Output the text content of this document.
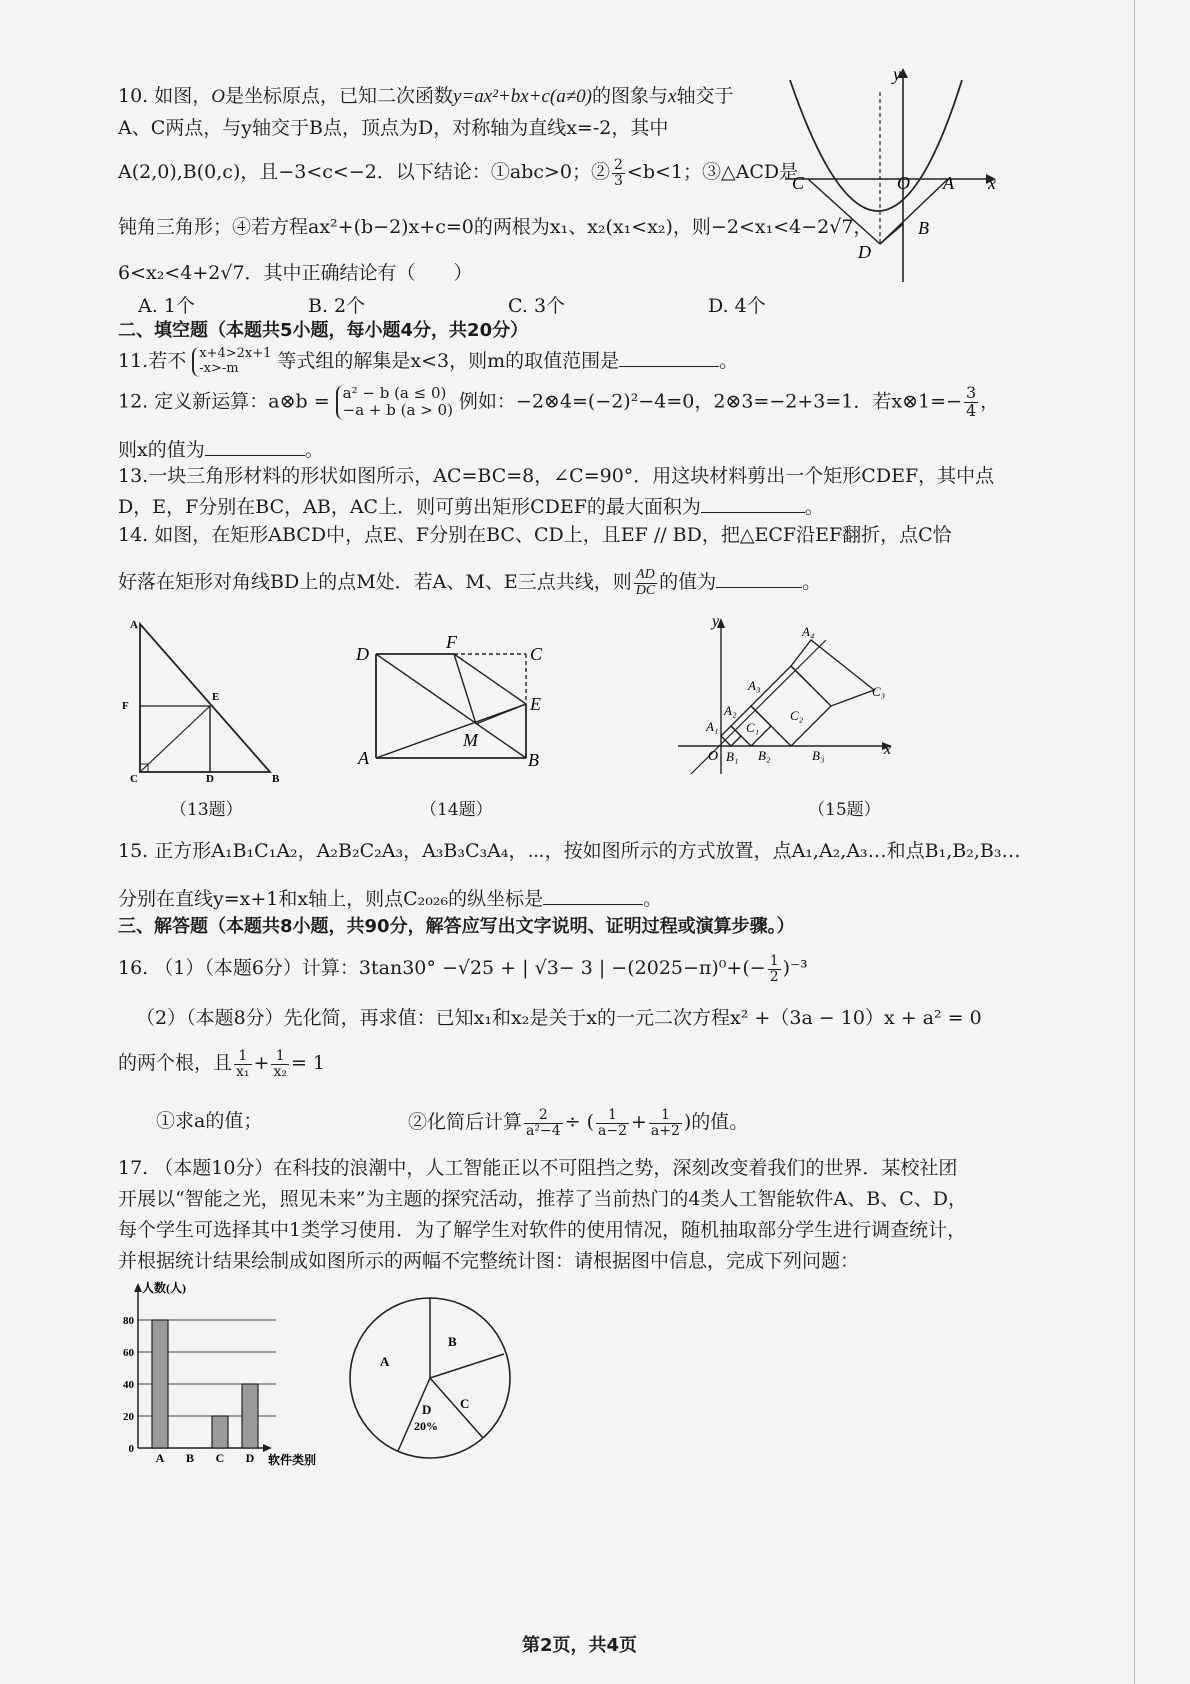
10. 如图，O是坐标原点，已知二次函数y=ax²+bx+c(a≠0)的图象与x轴交于
A、C两点，与y轴交于B点，顶点为D，对称轴为直线x=-2，其中
A(2,0),B(0,c)，且−3<c<−2．以下结论：①abc>0；② $\frac{2}{3} <b<1$；③△ACD是
钝角三角形；④若方程ax²+(b−2)x+c=0的两根为x₁、x₂(x₁<x₂)，则−2<x₁<4−2√7，
6<x₂<4+2√7．其中正确结论有（　　）
A. 1个	B. 2个	C. 3个	D. 4个
y
x
C	O A
B
D
二、填空题（本题共5小题，每小题4分，共20分）
11.若不 x+4>2x+1
-x>-m	等式组的解集是x<3，则m的取值范围是	。
12. 定义新运算：a⊗b = a² − b (a ≤ 0)
−a + b (a > 0) 例如：−2⊗4=(−2)²−4=0，2⊗3=−2+3=1．若x⊗1=− $\frac{3}{4}$ ，
则x的值为	。
13.一块三角形材料的形状如图所示，AC=BC=8，∠C=90°．用这块材料剪出一个矩形CDEF，其中点
D，E，F分别在BC，AB，AC上．则可剪出矩形CDEF的最大面积为	。
14. 如图，在矩形ABCD中，点E、F分别在BC、CD上，且EF // BD，把△ECF沿EF翻折，点C恰
好落在矩形对角线BD上的点M处．若A、M、E三点共线，则 $\frac{AD}{DC}$ 的值为	。
A
F
E
C	D	B
（13题）
D
F
C
E
M
A	B
（14题）
y
x
O
A₁
A₂
A₃
A₄
B₁ B₂	B₃
C₁
C₂
C₃
（15题）
15. 正方形A₁B₁C₁A₂，A₂B₂C₂A₃，A₃B₃C₃A₄，⋯，按如图所示的方式放置，点A₁,A₂,A₃…和点B₁,B₂,B₃…
分别在直线y=x+1和x轴上，则点C₂₀₂₆的纵坐标是	。
三、解答题（本题共8小题，共90分，解答应写出文字说明、证明过程或演算步骤。）
16. （1）（本题6分）计算：3tan30° −√25 + | √3− 3 | $-(2025-\pi)^0+(- \frac{1}{2} )^{-3}$
（2）（本题8分）先化简，再求值：已知x₁和x₂是关于x的一元二次方程x² +（3a − 10）x + a² = 0
的两个根，且 $\frac{1}{\text{x₁}} + \frac{1}{\text{x₂}} = 1$
①求a的值；	②化简后计算 $\frac{2}{\text{a²−4}}$ ÷ ( $\frac{1}{a-2} + \frac{1}{a+2}$ )的值。
17. （本题10分）在科技的浪潮中，人工智能正以不可阻挡之势，深刻改变着我们的世界．某校社团
开展以“智能之光，照见未来”为主题的探究活动，推荐了当前热门的4类人工智能软件A、B、C、D，
每个学生可选择其中1类学习使用．为了解学生对软件的使用情况，随机抽取部分学生进行调查统计，
并根据统计结果绘制成如图所示的两幅不完整统计图：请根据图中信息，完成下列问题：
0
20
40
60
80
A B C D
人数(人)
软件类别
A
B
C
D
20%
第2页，共4页
